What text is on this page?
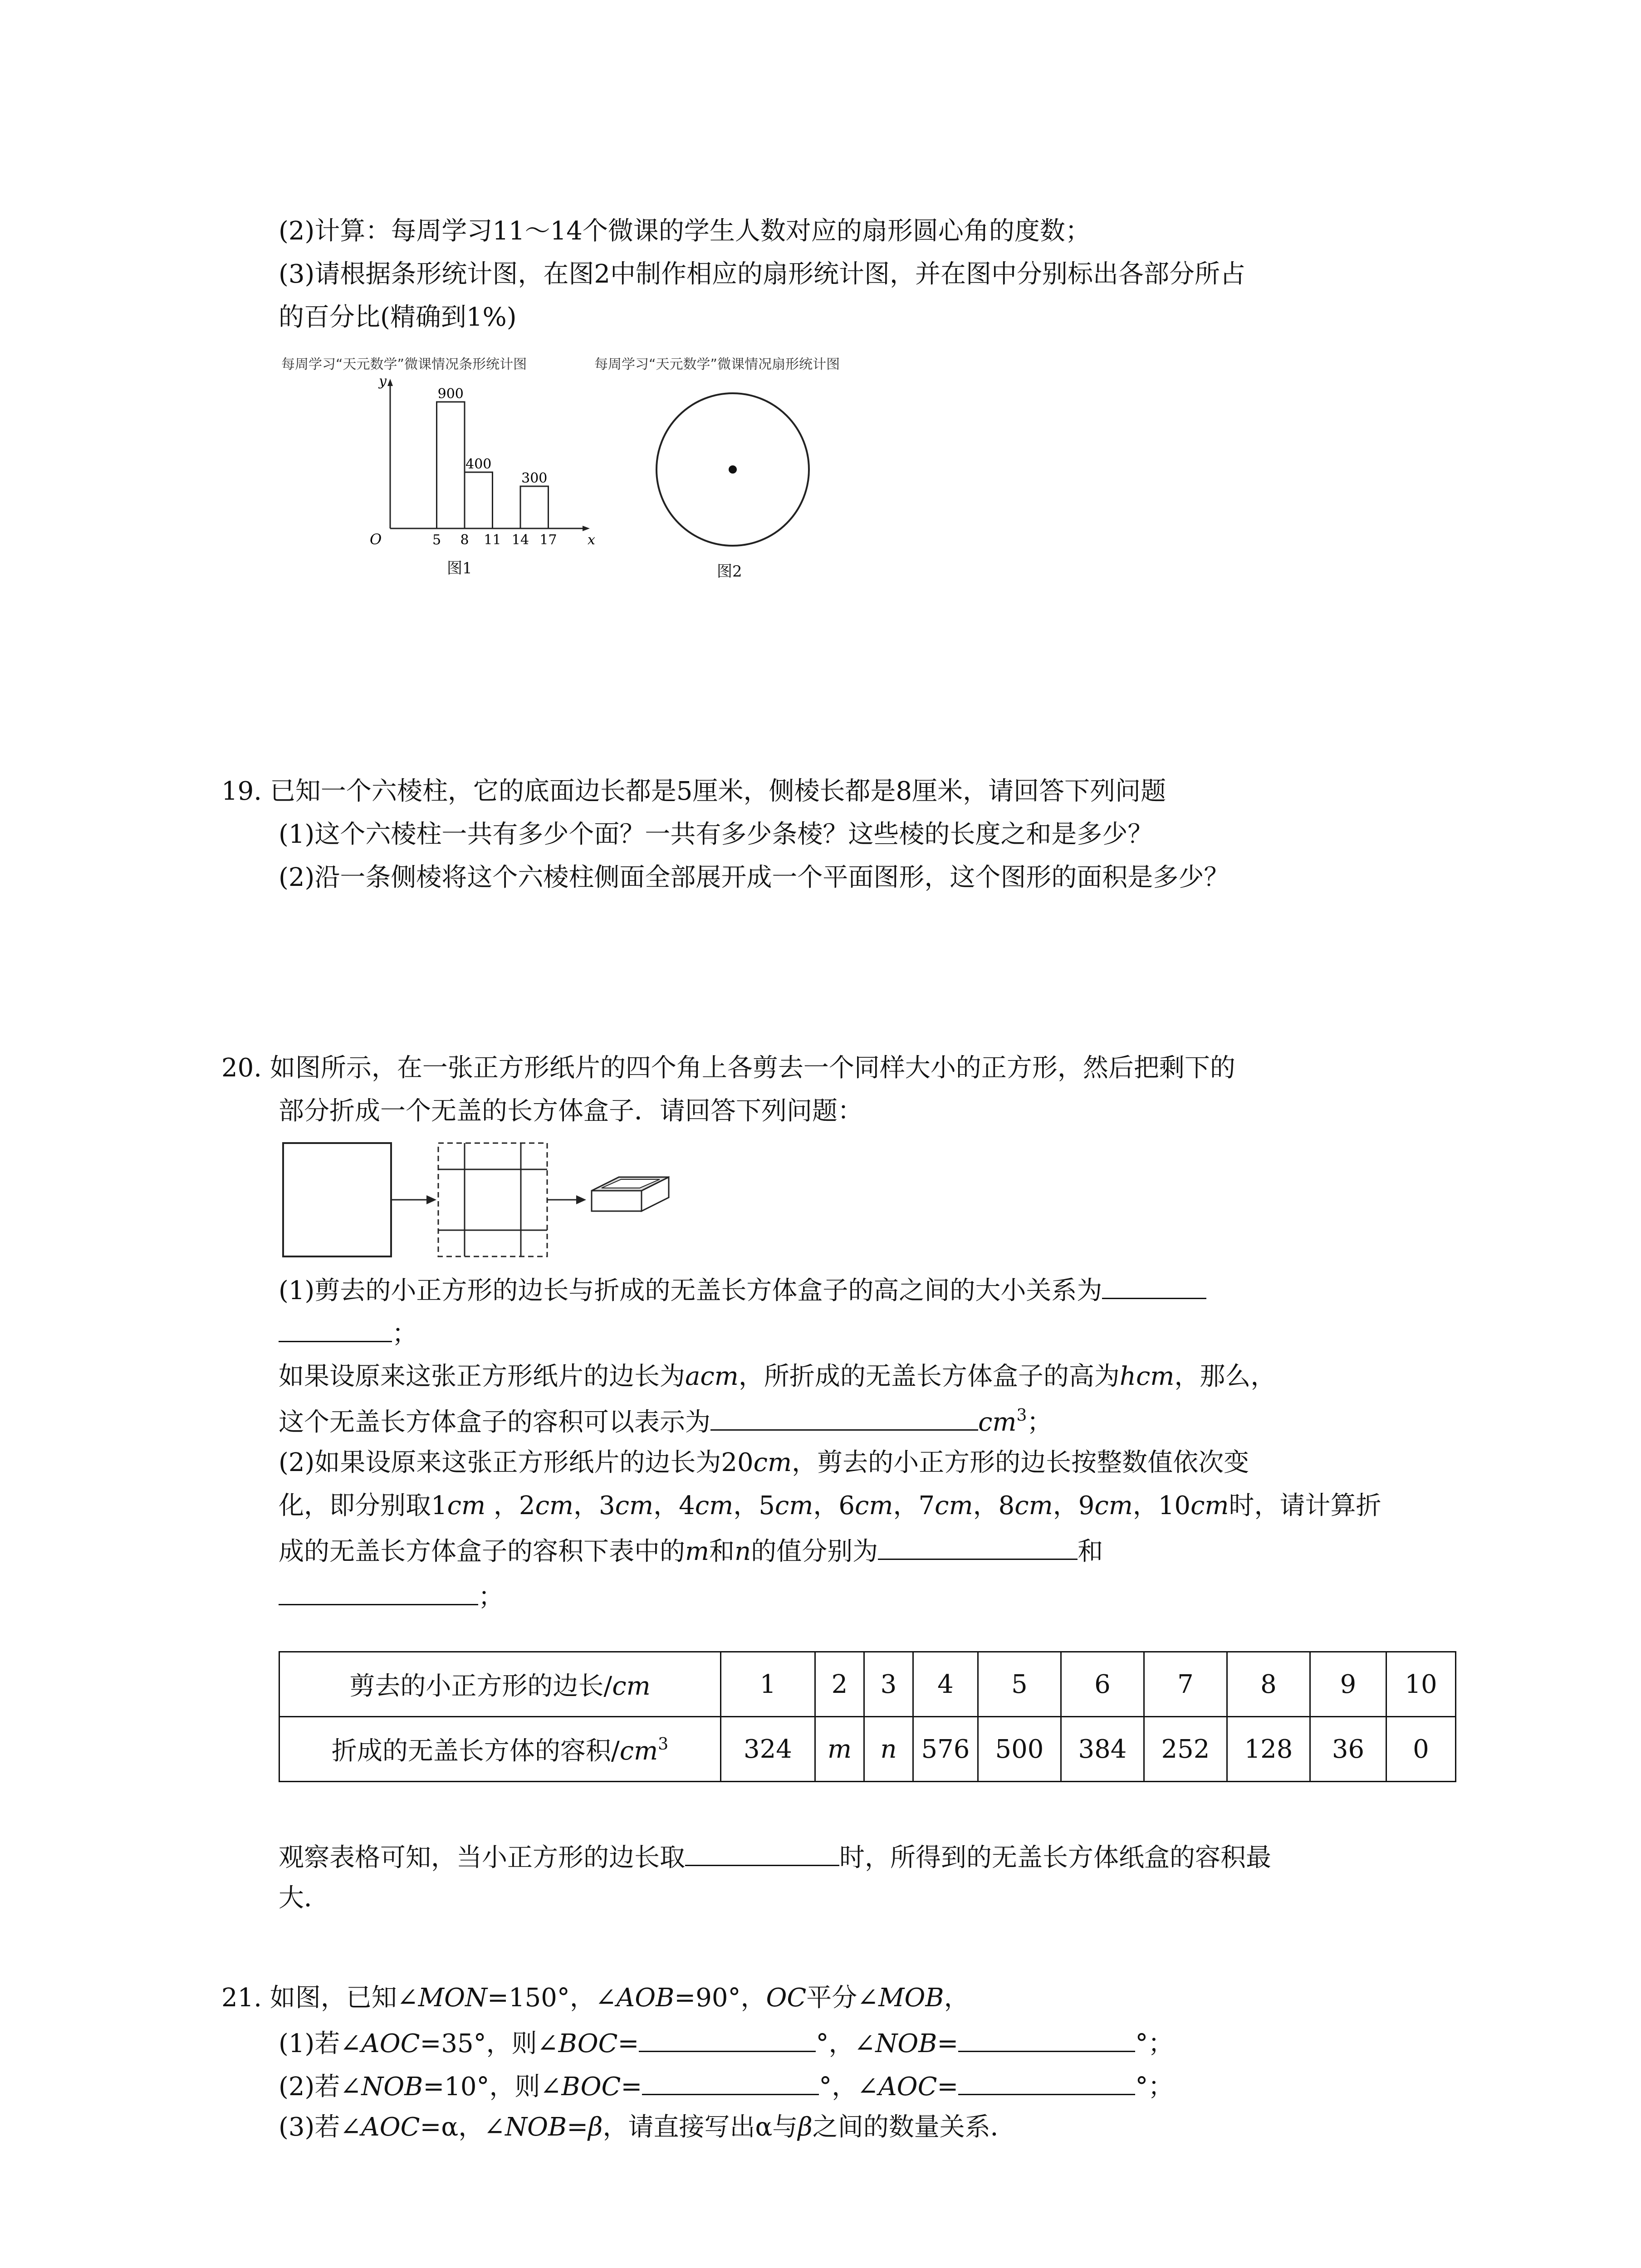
(2)计算：每周学习11～14个微课的学生人数对应的扇形圆心角的度数；
(3)请根据条形统计图，在图2中制作相应的扇形统计图，并在图中分别标出各部分所占
的百分比(精确到1%)
每周学习“天元数学”微课情况条形统计图	每周学习“天元数学”微课情况扇形统计图
O	x
y
5 8 11 14 17
900
400
300
图1	图2
19. 已知一个六棱柱，它的底面边长都是5厘米，侧棱长都是8厘米，请回答下列问题
(1)这个六棱柱一共有多少个面？一共有多少条棱？这些棱的长度之和是多少？
(2)沿一条侧棱将这个六棱柱侧面全部展开成一个平面图形，这个图形的面积是多少？
20. 如图所示，在一张正方形纸片的四个角上各剪去一个同样大小的正方形，然后把剩下的
部分折成一个无盖的长方体盒子．请回答下列问题：
(1)剪去的小正方形的边长与折成的无盖长方体盒子的高之间的大小关系为
；
如果设原来这张正方形纸片的边长为acm，所折成的无盖长方体盒子的高为hcm，那么，
这个无盖长方体盒子的容积可以表示为	$cm^3$；
(2)如果设原来这张正方形纸片的边长为20cm，剪去的小正方形的边长按整数值依次变
化，即分别取1cm ，2cm，3cm，4cm，5cm，6cm，7cm，8cm，9cm，10cm时，请计算折
成的无盖长方体盒子的容积下表中的m和n的值分别为	和
；
剪去的小正方形的边长/cm	1	2	3	4	5	6	7	8	9	10
折成的无盖长方体的容积$/cm^3$	324	m	n	576	500	384	252	128	36	0
观察表格可知，当小正方形的边长取	时，所得到的无盖长方体纸盒的容积最
大．
21. 如图，已知∠MON=150°，∠AOB=90°，OC平分∠MOB，
(1)若∠AOC=35°，则∠BOC=	°，∠NOB=	°；
(2)若∠NOB=10°，则∠BOC=	°，∠AOC=	°；
(3)若∠AOC=α，∠NOB=β，请直接写出α与β之间的数量关系．
